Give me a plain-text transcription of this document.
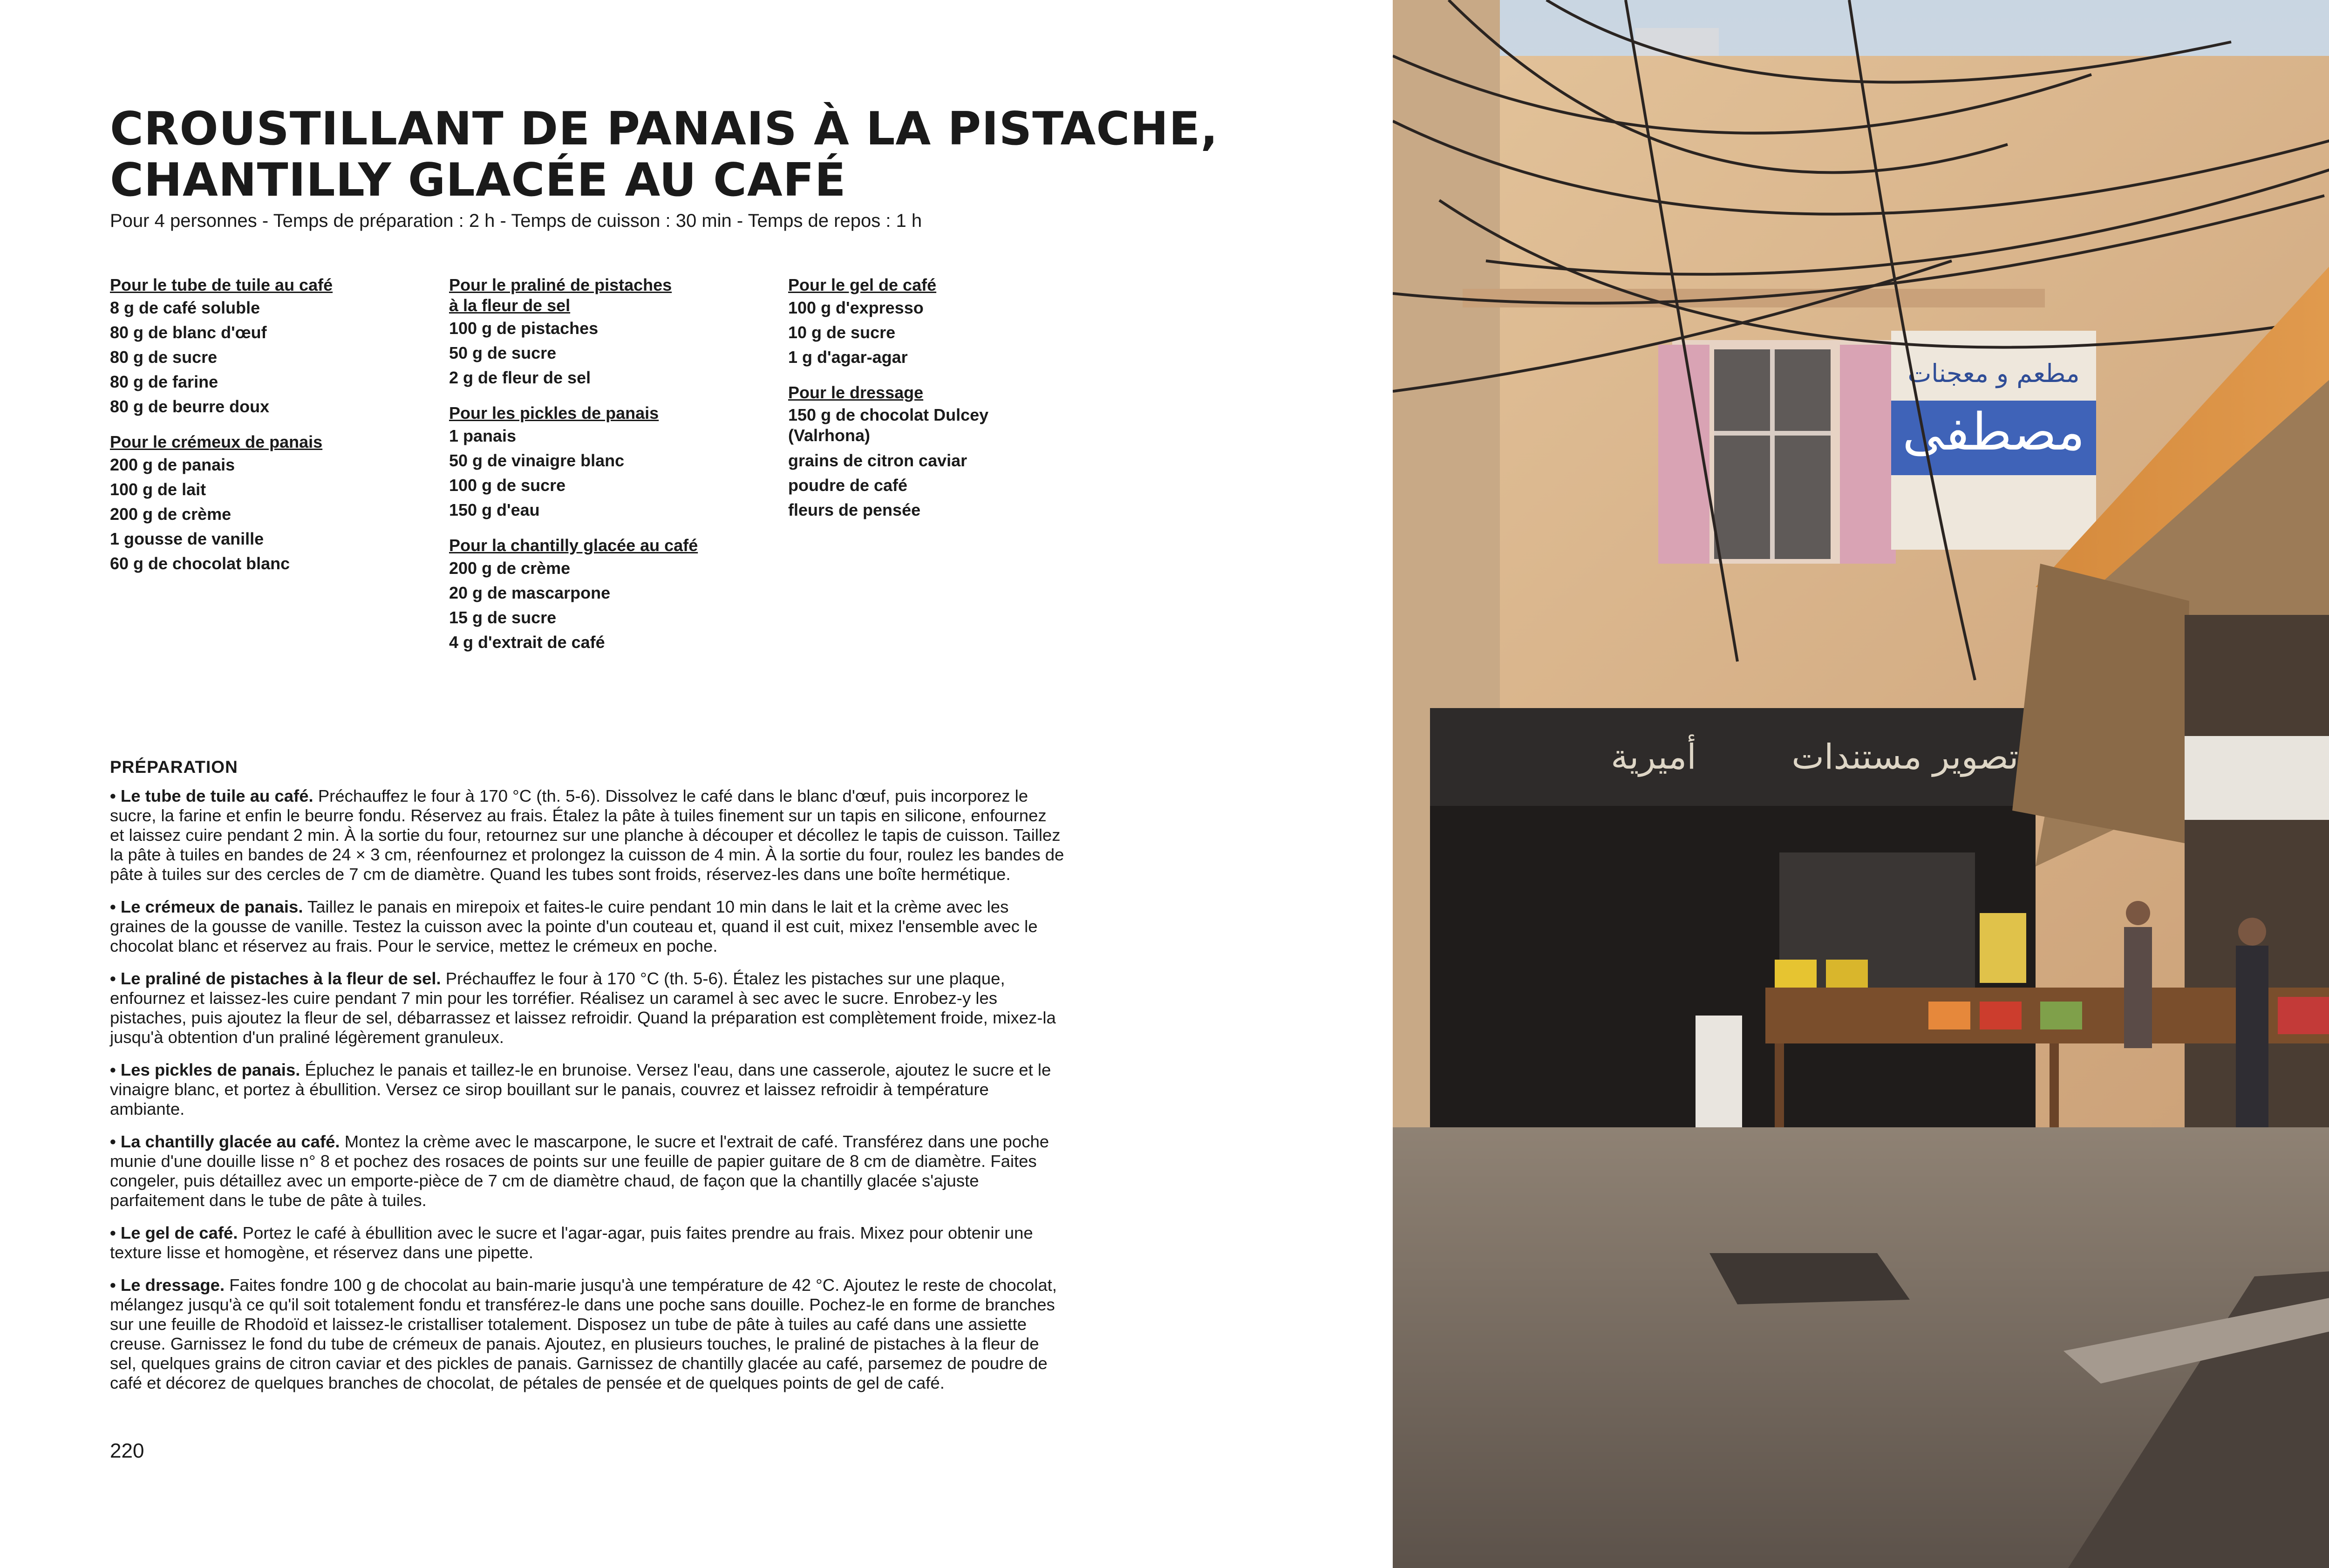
CROUSTILLANT DE PANAIS À LA PISTACHE,
CHANTILLY GLACÉE AU CAFÉ
Pour 4 personnes - Temps de préparation : 2 h - Temps de cuisson : 30 min - Temps de repos : 1 h
Pour le tube de tuile au café
8 g de café soluble
80 g de blanc d'œuf
80 g de sucre
80 g de farine
80 g de beurre doux
Pour le crémeux de panais
200 g de panais
100 g de lait
200 g de crème
1 gousse de vanille
60 g de chocolat blanc
Pour le praliné de pistaches
à la fleur de sel
100 g de pistaches
50 g de sucre
2 g de fleur de sel
Pour les pickles de panais
1 panais
50 g de vinaigre blanc
100 g de sucre
150 g d'eau
Pour la chantilly glacée au café
200 g de crème
20 g de mascarpone
15 g de sucre
4 g d'extrait de café
Pour le gel de café
100 g d'expresso
10 g de sucre
1 g d'agar-agar
Pour le dressage
150 g de chocolat Dulcey (Valrhona)
grains de citron caviar
poudre de café
fleurs de pensée
PRÉPARATION

• Le tube de tuile au café. Préchauffez le four à 170 °C (th. 5-6). Dissolvez le café dans le blanc d'œuf, puis incorporez le sucre, la farine et enfin le beurre fondu. Réservez au frais. Étalez la pâte à tuiles finement sur un tapis en silicone, enfournez et laissez cuire pendant 2 min. À la sortie du four, retournez sur une planche à découper et décollez le tapis de cuisson. Taillez la pâte à tuiles en bandes de 24 × 3 cm, réenfournez et prolongez la cuisson de 4 min. À la sortie du four, roulez les bandes de pâte à tuiles sur des cercles de 7 cm de diamètre. Quand les tubes sont froids, réservez-les dans une boîte hermétique.

• Le crémeux de panais. Taillez le panais en mirepoix et faites-le cuire pendant 10 min dans le lait et la crème avec les graines de la gousse de vanille. Testez la cuisson avec la pointe d'un couteau et, quand il est cuit, mixez l'ensemble avec le chocolat blanc et réservez au frais. Pour le service, mettez le crémeux en poche.

• Le praliné de pistaches à la fleur de sel. Préchauffez le four à 170 °C (th. 5-6). Étalez les pistaches sur une plaque, enfournez et laissez-les cuire pendant 7 min pour les torréfier. Réalisez un caramel à sec avec le sucre. Enrobez-y les pistaches, puis ajoutez la fleur de sel, débarrassez et laissez refroidir. Quand la préparation est complètement froide, mixez-la jusqu'à obtention d'un praliné légèrement granuleux.

• Les pickles de panais. Épluchez le panais et taillez-le en brunoise. Versez l'eau, dans une casserole, ajoutez le sucre et le vinaigre blanc, et portez à ébullition. Versez ce sirop bouillant sur le panais, couvrez et laissez refroidir à température ambiante.

• La chantilly glacée au café. Montez la crème avec le mascarpone, le sucre et l'extrait de café. Transférez dans une poche munie d'une douille lisse n° 8 et pochez des rosaces de points sur une feuille de papier guitare de 8 cm de diamètre. Faites congeler, puis détaillez avec un emporte-pièce de 7 cm de diamètre chaud, de façon que la chantilly glacée s'ajuste parfaitement dans le tube de pâte à tuiles.

• Le gel de café. Portez le café à ébullition avec le sucre et l'agar-agar, puis faites prendre au frais. Mixez pour obtenir une texture lisse et homogène, et réservez dans une pipette.

• Le dressage. Faites fondre 100 g de chocolat au bain-marie jusqu'à une température de 42 °C. Ajoutez le reste de chocolat, mélangez jusqu'à ce qu'il soit totalement fondu et transférez-le dans une poche sans douille. Pochez-le en forme de branches sur une feuille de Rhodoïd et laissez-le cristalliser totalement. Disposez un tube de pâte à tuiles au café dans une assiette creuse. Garnissez le fond du tube de crémeux de panais. Ajoutez, en plusieurs touches, le praliné de pistaches à la fleur de sel, quelques grains de citron caviar et des pickles de panais. Garnissez de chantilly glacée au café, parsemez de poudre de café et décorez de quelques branches de chocolat, de pétales de pensée et de quelques points de gel de café.

220
مطعم و معجنات
مصطفى
أميرية	تصوير مستندات
